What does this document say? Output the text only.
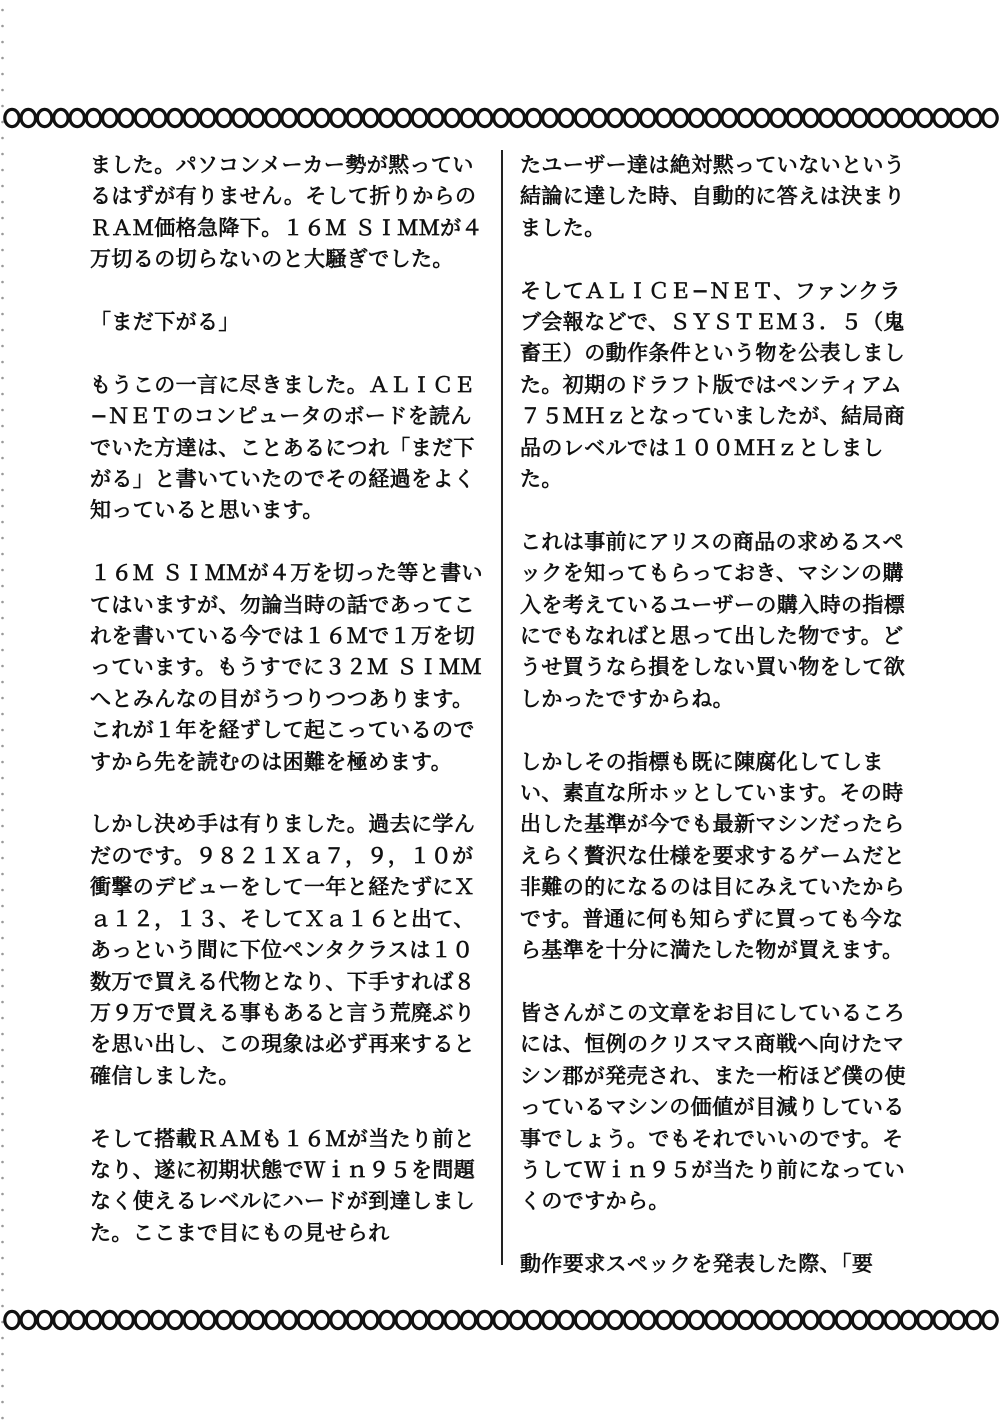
ました。パソコンメーカー勢が黙っているはずが有りません。そして折りからのＲＡＭ価格急降下。１６Ｍ ＳＩＭＭが４万切るの切らないのと大騒ぎでした。

「まだ下がる」

もうこの一言に尽きました。ＡＬＩＣＥ−ＮＥＴのコンピュータのボードを読んでいた方達は、ことあるにつれ「まだ下がる」と書いていたのでその経過をよく知っていると思います。

１６Ｍ ＳＩＭＭが４万を切った等と書いてはいますが、勿論当時の話であってこれを書いている今では１６Ｍで１万を切っています。もうすでに３２Ｍ ＳＩＭＭへとみんなの目がうつりつつあります。これが１年を経ずして起こっているのですから先を読むのは困難を極めます。

しかし決め手は有りました。過去に学んだのです。９８２１Ｘａ７，９，１０が衝撃のデビューをして一年と経たずにＸａ１２，１３、そしてＸａ１６と出て、あっという間に下位ペンタクラスは１０数万で買える代物となり、下手すれば８万９万で買える事もあると言う荒廃ぶりを思い出し、この現象は必ず再来すると確信しました。

そして搭載ＲＡＭも１６Ｍが当たり前となり、遂に初期状態でＷｉｎ９５を問題なく使えるレベルにハードが到達しました。ここまで目にもの見せられ

たユーザー達は絶対黙っていないという結論に達した時、自動的に答えは決まりました。

そしてＡＬＩＣＥ−ＮＥＴ、ファンクラブ会報などで、ＳＹＳＴＥＭ３．５（鬼畜王）の動作条件という物を公表しました。初期のドラフト版ではペンティアム ７５ＭＨｚとなっていましたが、結局商品のレベルでは１００ＭＨｚとしました。

これは事前にアリスの商品の求めるスペックを知ってもらっておき、マシンの購入を考えているユーザーの購入時の指標にでもなればと思って出した物です。どうせ買うなら損をしない買い物をして欲しかったですからね。

しかしその指標も既に陳腐化してしまい、素直な所ホッとしています。その時出した基準が今でも最新マシンだったらえらく贅沢な仕様を要求するゲームだと非難の的になるのは目にみえていたからです。普通に何も知らずに買っても今なら基準を十分に満たした物が買えます。

皆さんがこの文章をお目にしているころには、恒例のクリスマス商戦へ向けたマシン郡が発売され、また一桁ほど僕の使っているマシンの価値が目減りしている事でしょう。でもそれでいいのです。そうしてＷｉｎ９５が当たり前になっていくのですから。

動作要求スペックを発表した際、「要
